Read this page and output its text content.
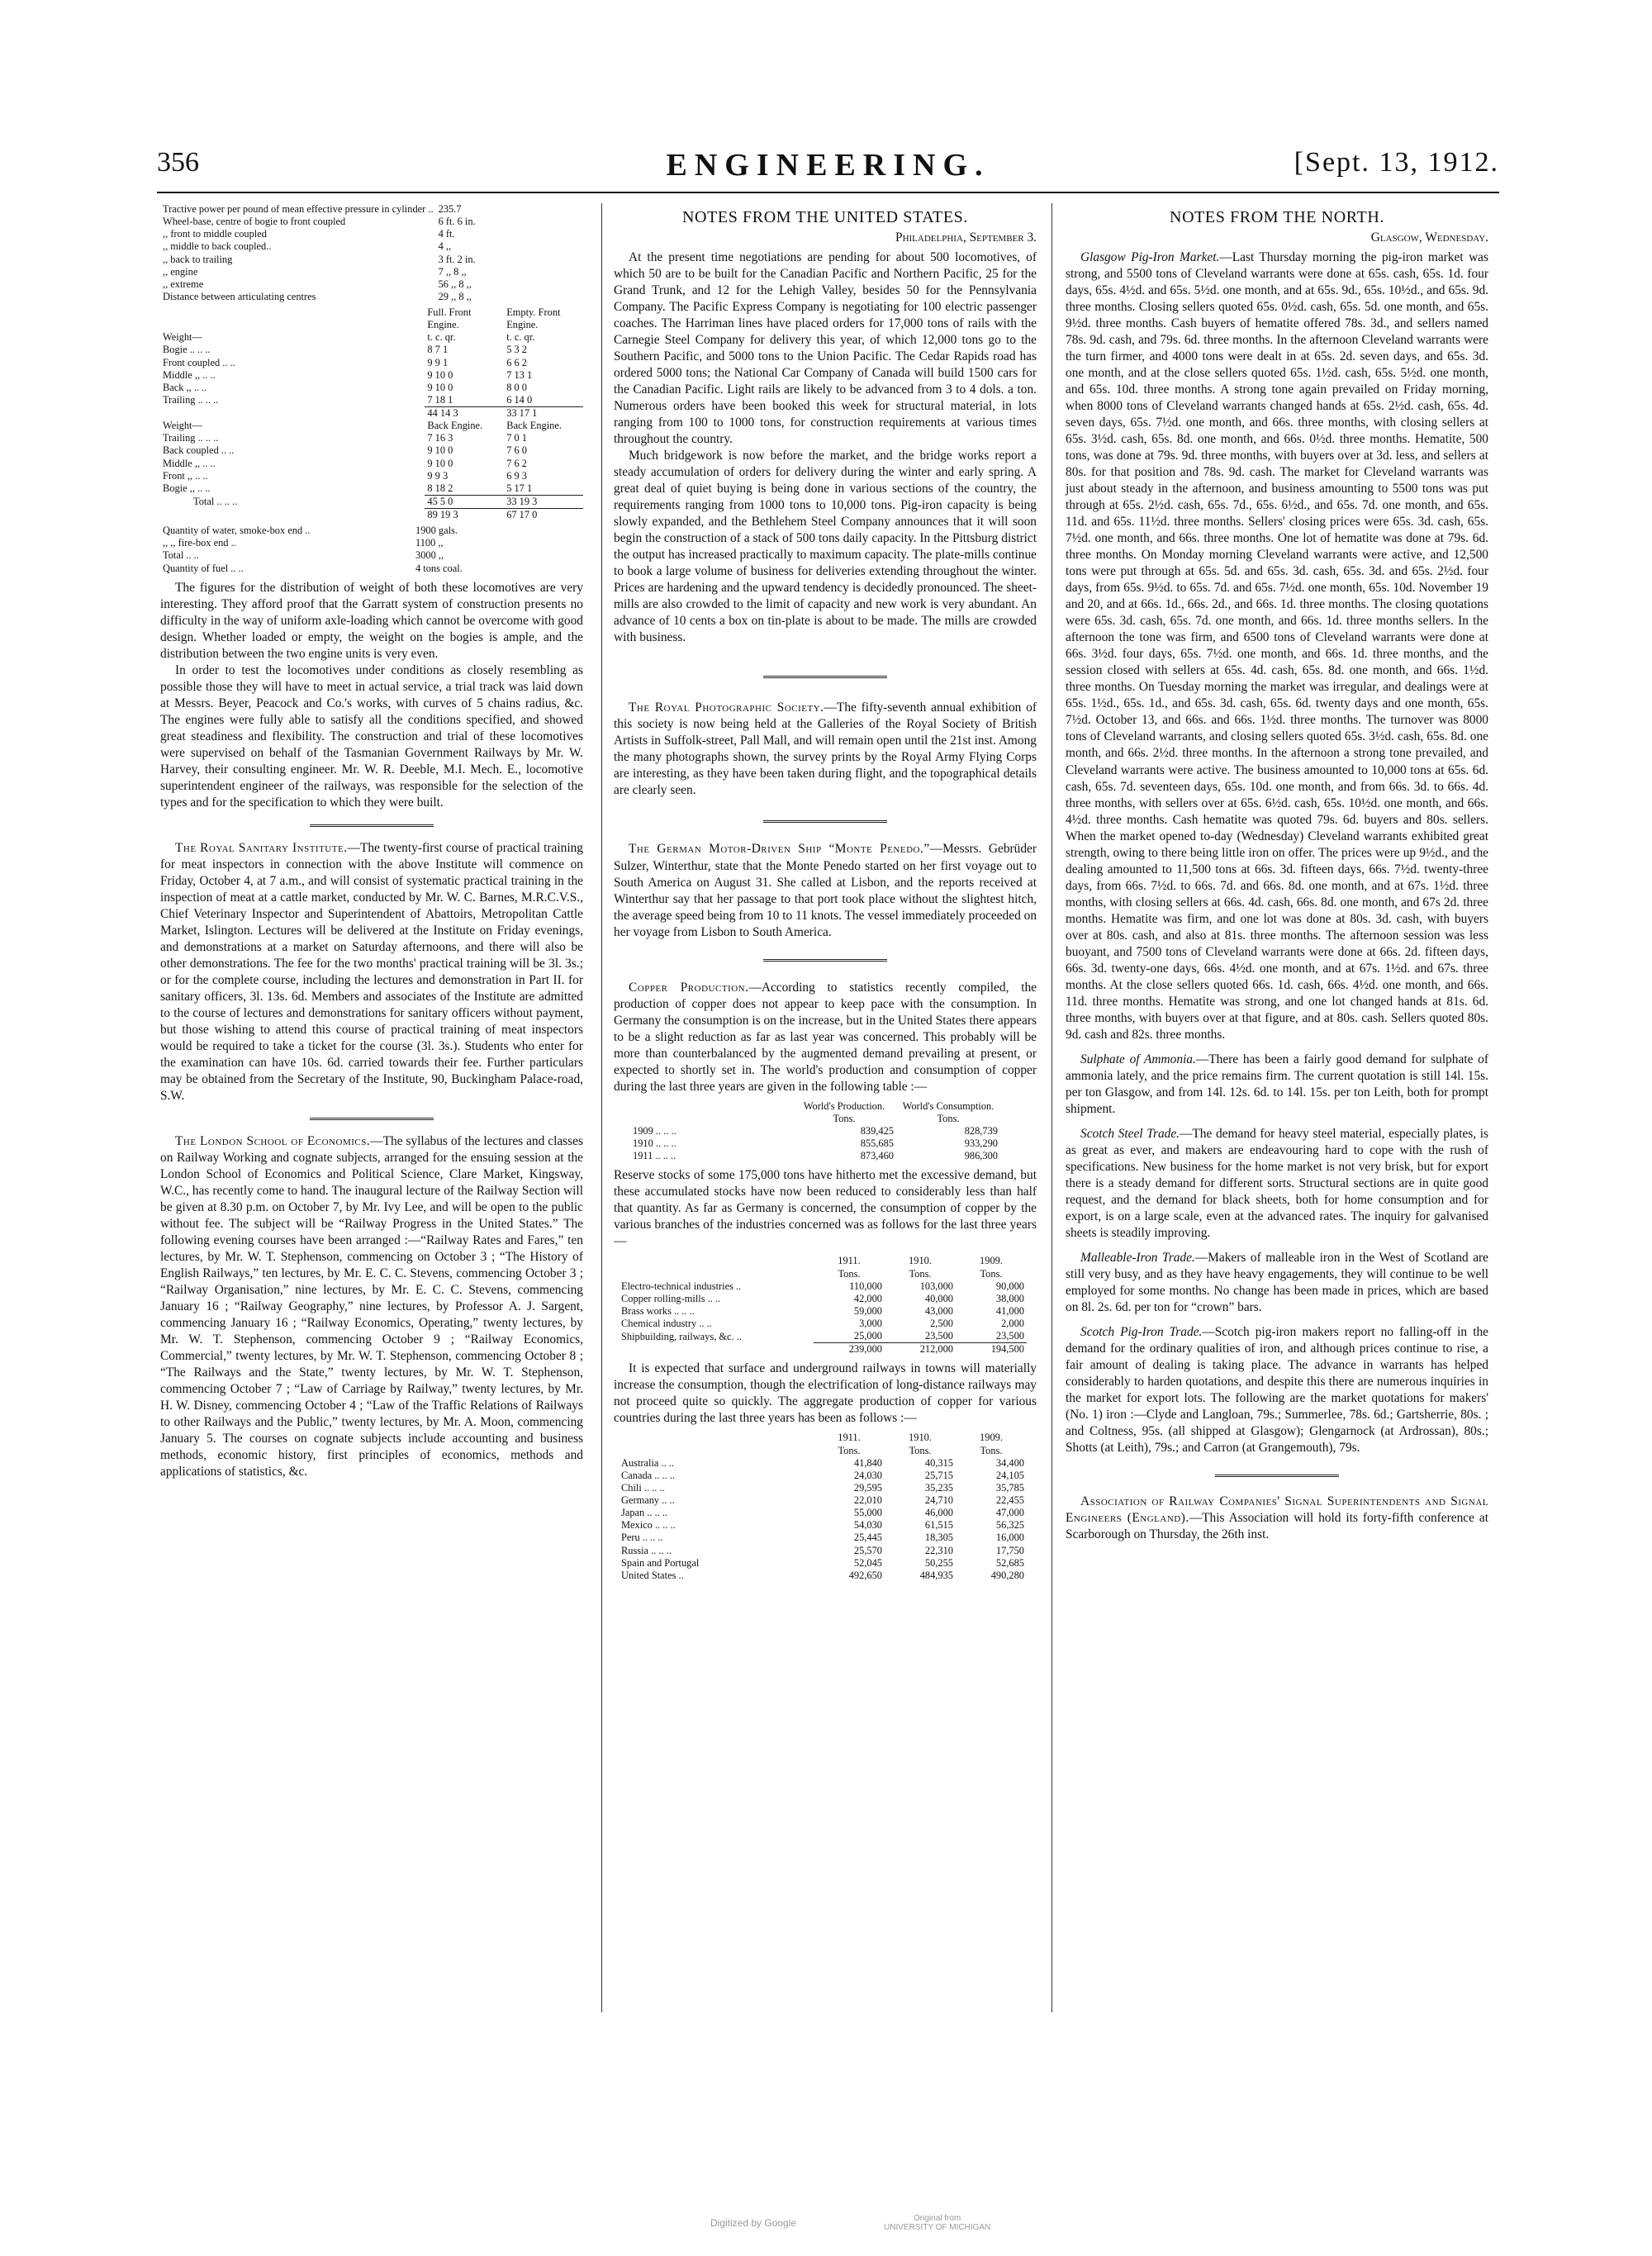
356	ENGINEERING.	[Sept. 13, 1912.
Tractive power per pound of mean effective pressure in cylinder ..	235.7
Wheel-base, centre of bogie to front coupled	6 ft. 6 in.
,, front to middle coupled	4 ft.
,, middle to back coupled..	4 ,,
,, back to trailing	3 ft. 2 in.
,, engine	7 ,, 8 ,,
,, extreme	56 ,, 8 ,,
Distance between articulating centres	29 ,, 8 ,,
	Full. Front Engine.	Empty. Front Engine.
Weight—	t. c. qr.	t. c. qr.
Bogie .. .. ..	8 7 1	5 3 2
Front coupled .. ..	9 9 1	6 6 2
Middle ,, .. ..	9 10 0	7 13 1
Back ,, .. ..	9 10 0	8 0 0
Trailing .. .. ..	7 18 1	6 14 0
	44 14 3	33 17 1
Weight—	Back Engine.	Back Engine.
Trailing .. .. ..	7 16 3	7 0 1
Back coupled .. ..	9 10 0	7 6 0
Middle ,, .. ..	9 10 0	7 6 2
Front ,, .. ..	9 9 3	6 9 3
Bogie ,, .. ..	8 18 2	5 17 1
Total .. .. ..	45 5 0	33 19 3
	89 19 3	67 17 0
Quantity of water, smoke-box end ..	1900 gals.
,, ,, fire-box end ..	1100 ,,
Total .. ..	3000 ,,
Quantity of fuel .. ..	4 tons coal.

The figures for the distribution of weight of both these locomotives are very interesting. They afford proof that the Garratt system of construction presents no difficulty in the way of uniform axle-loading which cannot be overcome with good design. Whether loaded or empty, the weight on the bogies is ample, and the distribution between the two engine units is very even.

In order to test the locomotives under conditions as closely resembling as possible those they will have to meet in actual service, a trial track was laid down at Messrs. Beyer, Peacock and Co.'s works, with curves of 5 chains radius, &c. The engines were fully able to satisfy all the conditions specified, and showed great steadiness and flexibility. The construction and trial of these locomotives were supervised on behalf of the Tasmanian Government Railways by Mr. W. Harvey, their consulting engineer. Mr. W. R. Deeble, M.I. Mech. E., locomotive superintendent engineer of the railways, was responsible for the selection of the types and for the specification to which they were built.

The Royal Sanitary Institute.—The twenty-first course of practical training for meat inspectors in connection with the above Institute will commence on Friday, October 4, at 7 a.m., and will consist of systematic practical training in the inspection of meat at a cattle market, conducted by Mr. W. C. Barnes, M.R.C.V.S., Chief Veterinary Inspector and Superintendent of Abattoirs, Metropolitan Cattle Market, Islington. Lectures will be delivered at the Institute on Friday evenings, and demonstrations at a market on Saturday afternoons, and there will also be other demonstrations. The fee for the two months' practical training will be 3l. 3s.; or for the complete course, including the lectures and demonstration in Part II. for sanitary officers, 3l. 13s. 6d. Members and associates of the Institute are admitted to the course of lectures and demonstrations for sanitary officers without payment, but those wishing to attend this course of practical training of meat inspectors would be required to take a ticket for the course (3l. 3s.). Students who enter for the examination can have 10s. 6d. carried towards their fee. Further particulars may be obtained from the Secretary of the Institute, 90, Buckingham Palace-road, S.W.

The London School of Economics.—The syllabus of the lectures and classes on Railway Working and cognate subjects, arranged for the ensuing session at the London School of Economics and Political Science, Clare Market, Kingsway, W.C., has recently come to hand. The inaugural lecture of the Railway Section will be given at 8.30 p.m. on October 7, by Mr. Ivy Lee, and will be open to the public without fee. The subject will be “Railway Progress in the United States.” The following evening courses have been arranged :—“Railway Rates and Fares,” ten lectures, by Mr. W. T. Stephenson, commencing on October 3 ; “The History of English Railways,” ten lectures, by Mr. E. C. C. Stevens, commencing October 3 ; “Railway Organisation,” nine lectures, by Mr. E. C. C. Stevens, commencing January 16 ; “Railway Geography,” nine lectures, by Professor A. J. Sargent, commencing January 16 ; “Railway Economics, Operating,” twenty lectures, by Mr. W. T. Stephenson, commencing October 9 ; “Railway Economics, Commercial,” twenty lectures, by Mr. W. T. Stephenson, commencing October 8 ; “The Railways and the State,” twenty lectures, by Mr. W. T. Stephenson, commencing October 7 ; “Law of Carriage by Railway,” twenty lectures, by Mr. H. W. Disney, commencing October 4 ; “Law of the Traffic Relations of Railways to other Railways and the Public,” twenty lectures, by Mr. A. Moon, commencing January 5. The courses on cognate subjects include accounting and business methods, economic history, first principles of economics, methods and applications of statistics, &c.

NOTES FROM THE UNITED STATES.
Philadelphia, September 3.

At the present time negotiations are pending for about 500 locomotives, of which 50 are to be built for the Canadian Pacific and Northern Pacific, 25 for the Grand Trunk, and 12 for the Lehigh Valley, besides 50 for the Pennsylvania Company. The Pacific Express Company is negotiating for 100 electric passenger coaches. The Harriman lines have placed orders for 17,000 tons of rails with the Carnegie Steel Company for delivery this year, of which 12,000 tons go to the Southern Pacific, and 5000 tons to the Union Pacific. The Cedar Rapids road has ordered 5000 tons; the National Car Company of Canada will build 1500 cars for the Canadian Pacific. Light rails are likely to be advanced from 3 to 4 dols. a ton. Numerous orders have been booked this week for structural material, in lots ranging from 100 to 1000 tons, for construction requirements at various times throughout the country.

Much bridgework is now before the market, and the bridge works report a steady accumulation of orders for delivery during the winter and early spring. A great deal of quiet buying is being done in various sections of the country, the requirements ranging from 1000 tons to 10,000 tons. Pig-iron capacity is being slowly expanded, and the Bethlehem Steel Company announces that it will soon begin the construction of a stack of 500 tons daily capacity. In the Pittsburg district the output has increased practically to maximum capacity. The plate-mills continue to book a large volume of business for deliveries extending throughout the winter. Prices are hardening and the upward tendency is decidedly pronounced. The sheet-mills are also crowded to the limit of capacity and new work is very abundant. An advance of 10 cents a box on tin-plate is about to be made. The mills are crowded with business.

The Royal Photographic Society.—The fifty-seventh annual exhibition of this society is now being held at the Galleries of the Royal Society of British Artists in Suffolk-street, Pall Mall, and will remain open until the 21st inst. Among the many photographs shown, the survey prints by the Royal Army Flying Corps are interesting, as they have been taken during flight, and the topographical details are clearly seen.

The German Motor-Driven Ship “Monte Penedo.”—Messrs. Gebrüder Sulzer, Winterthur, state that the Monte Penedo started on her first voyage out to South America on August 31. She called at Lisbon, and the reports received at Winterthur say that her passage to that port took place without the slightest hitch, the average speed being from 10 to 11 knots. The vessel immediately proceeded on her voyage from Lisbon to South America.

Copper Production.—According to statistics recently compiled, the production of copper does not appear to keep pace with the consumption. In Germany the consumption is on the increase, but in the United States there appears to be a slight reduction as far as last year was concerned. This probably will be more than counterbalanced by the augmented demand prevailing at present, or expected to shortly set in. The world's production and consumption of copper during the last three years are given in the following table :—

	World's Production.	World's Consumption.
	Tons.	Tons.
1909 .. .. ..	839,425	828,739
1910 .. .. ..	855,685	933,290
1911 .. .. ..	873,460	986,300

Reserve stocks of some 175,000 tons have hitherto met the excessive demand, but these accumulated stocks have now been reduced to considerably less than half that quantity. As far as Germany is concerned, the consumption of copper by the various branches of the industries concerned was as follows for the last three years—

	1911.	1910.	1909.
	Tons.	Tons.	Tons.
Electro-technical industries ..	110,000	103,000	90,000
Copper rolling-mills .. ..	42,000	40,000	38,000
Brass works .. .. ..	59,000	43,000	41,000
Chemical industry .. ..	3,000	2,500	2,000
Shipbuilding, railways, &c. ..	25,000	23,500	23,500
	239,000	212,000	194,500

It is expected that surface and underground railways in towns will materially increase the consumption, though the electrification of long-distance railways may not proceed quite so quickly. The aggregate production of copper for various countries during the last three years has been as follows :—

	1911.	1910.	1909.
	Tons.	Tons.	Tons.
Australia .. ..	41,840	40,315	34,400
Canada .. .. ..	24,030	25,715	24,105
Chili .. .. ..	29,595	35,235	35,785
Germany .. ..	22,010	24,710	22,455
Japan .. .. ..	55,000	46,000	47,000
Mexico .. .. ..	54,030	61,515	56,325
Peru .. .. ..	25,445	18,305	16,000
Russia .. .. ..	25,570	22,310	17,750
Spain and Portugal	52,045	50,255	52,685
United States ..	492,650	484,935	490,280
NOTES FROM THE NORTH.
Glasgow, Wednesday.

Glasgow Pig-Iron Market.—Last Thursday morning the pig-iron market was strong, and 5500 tons of Cleveland warrants were done at 65s. cash, 65s. 1d. four days, 65s. 4½d. and 65s. 5½d. one month, and at 65s. 9d., 65s. 10½d., and 65s. 9d. three months. Closing sellers quoted 65s. 0½d. cash, 65s. 5d. one month, and 65s. 9½d. three months. Cash buyers of hematite offered 78s. 3d., and sellers named 78s. 9d. cash, and 79s. 6d. three months. In the afternoon Cleveland warrants were the turn firmer, and 4000 tons were dealt in at 65s. 2d. seven days, and 65s. 3d. one month, and at the close sellers quoted 65s. 1½d. cash, 65s. 5½d. one month, and 65s. 10d. three months. A strong tone again prevailed on Friday morning, when 8000 tons of Cleveland warrants changed hands at 65s. 2½d. cash, 65s. 4d. seven days, 65s. 7½d. one month, and 66s. three months, with closing sellers at 65s. 3½d. cash, 65s. 8d. one month, and 66s. 0½d. three months. Hematite, 500 tons, was done at 79s. 9d. three months, with buyers over at 3d. less, and sellers at 80s. for that position and 78s. 9d. cash. The market for Cleveland warrants was just about steady in the afternoon, and business amounting to 5500 tons was put through at 65s. 2½d. cash, 65s. 7d., 65s. 6½d., and 65s. 7d. one month, and 65s. 11d. and 65s. 11½d. three months. Sellers' closing prices were 65s. 3d. cash, 65s. 7½d. one month, and 66s. three months. One lot of hematite was done at 79s. 6d. three months. On Monday morning Cleveland warrants were active, and 12,500 tons were put through at 65s. 5d. and 65s. 3d. cash, 65s. 3d. and 65s. 2½d. four days, from 65s. 9½d. to 65s. 7d. and 65s. 7½d. one month, 65s. 10d. November 19 and 20, and at 66s. 1d., 66s. 2d., and 66s. 1d. three months. The closing quotations were 65s. 3d. cash, 65s. 7d. one month, and 66s. 1d. three months sellers. In the afternoon the tone was firm, and 6500 tons of Cleveland warrants were done at 66s. 3½d. four days, 65s. 7½d. one month, and 66s. 1d. three months, and the session closed with sellers at 65s. 4d. cash, 65s. 8d. one month, and 66s. 1½d. three months. On Tuesday morning the market was irregular, and dealings were at 65s. 1½d., 65s. 1d., and 65s. 3d. cash, 65s. 6d. twenty days and one month, 65s. 7½d. October 13, and 66s. and 66s. 1½d. three months. The turnover was 8000 tons of Cleveland warrants, and closing sellers quoted 65s. 3½d. cash, 65s. 8d. one month, and 66s. 2½d. three months. In the afternoon a strong tone prevailed, and Cleveland warrants were active. The business amounted to 10,000 tons at 65s. 6d. cash, 65s. 7d. seventeen days, 65s. 10d. one month, and from 66s. 3d. to 66s. 4d. three months, with sellers over at 65s. 6½d. cash, 65s. 10½d. one month, and 66s. 4½d. three months. Cash hematite was quoted 79s. 6d. buyers and 80s. sellers. When the market opened to-day (Wednesday) Cleveland warrants exhibited great strength, owing to there being little iron on offer. The prices were up 9½d., and the dealing amounted to 11,500 tons at 66s. 3d. fifteen days, 66s. 7½d. twenty-three days, from 66s. 7½d. to 66s. 7d. and 66s. 8d. one month, and at 67s. 1½d. three months, with closing sellers at 66s. 4d. cash, 66s. 8d. one month, and 67s 2d. three months. Hematite was firm, and one lot was done at 80s. 3d. cash, with buyers over at 80s. cash, and also at 81s. three months. The afternoon session was less buoyant, and 7500 tons of Cleveland warrants were done at 66s. 2d. fifteen days, 66s. 3d. twenty-one days, 66s. 4½d. one month, and at 67s. 1½d. and 67s. three months. At the close sellers quoted 66s. 1d. cash, 66s. 4½d. one month, and 66s. 11d. three months. Hematite was strong, and one lot changed hands at 81s. 6d. three months, with buyers over at that figure, and at 80s. cash. Sellers quoted 80s. 9d. cash and 82s. three months.

Sulphate of Ammonia.—There has been a fairly good demand for sulphate of ammonia lately, and the price remains firm. The current quotation is still 14l. 15s. per ton Glasgow, and from 14l. 12s. 6d. to 14l. 15s. per ton Leith, both for prompt shipment.

Scotch Steel Trade.—The demand for heavy steel material, especially plates, is as great as ever, and makers are endeavouring hard to cope with the rush of specifications. New business for the home market is not very brisk, but for export there is a steady demand for different sorts. Structural sections are in quite good request, and the demand for black sheets, both for home consumption and for export, is on a large scale, even at the advanced rates. The inquiry for galvanised sheets is steadily improving.

Malleable-Iron Trade.—Makers of malleable iron in the West of Scotland are still very busy, and as they have heavy engagements, they will continue to be well employed for some months. No change has been made in prices, which are based on 8l. 2s. 6d. per ton for “crown” bars.

Scotch Pig-Iron Trade.—Scotch pig-iron makers report no falling-off in the demand for the ordinary qualities of iron, and although prices continue to rise, a fair amount of dealing is taking place. The advance in warrants has helped considerably to harden quotations, and despite this there are numerous inquiries in the market for export lots. The following are the market quotations for makers' (No. 1) iron :—Clyde and Langloan, 79s.; Summerlee, 78s. 6d.; Gartsherrie, 80s. ; and Coltness, 95s. (all shipped at Glasgow); Glengarnock (at Ardrossan), 80s.; Shotts (at Leith), 79s.; and Carron (at Grangemouth), 79s.

Association of Railway Companies' Signal Superintendents and Signal Engineers (England).—This Association will hold its forty-fifth conference at Scarborough on Thursday, the 26th inst.

Digitized by Google	Original from
UNIVERSITY OF MICHIGAN
